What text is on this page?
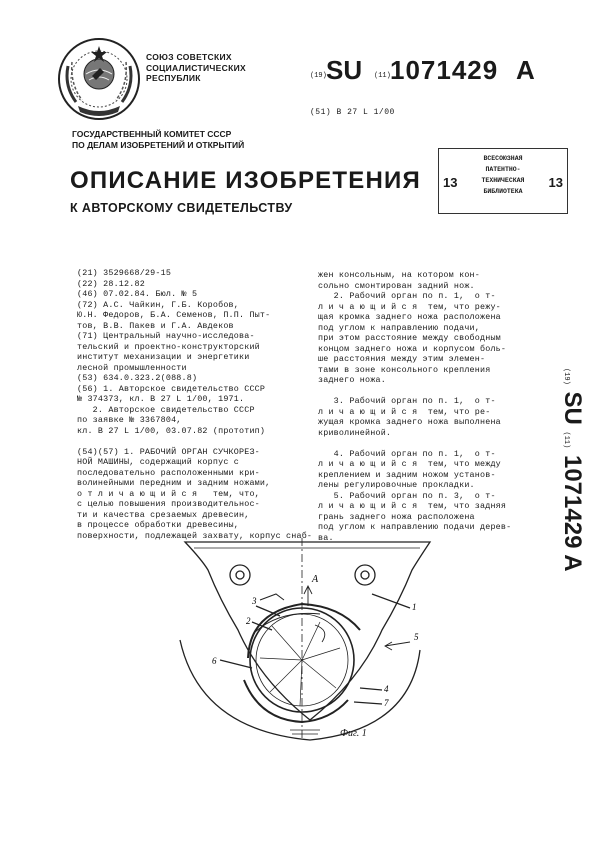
СОЮЗ СОВЕТСКИХ
СОЦИАЛИСТИЧЕСКИХ
РЕСПУБЛИК	(19) SU (11) 1071429 A
(51) В 27 L 1/00
ГОСУДАРСТВЕННЫЙ КОМИТЕТ СССР
ПО ДЕЛАМ ИЗОБРЕТЕНИЙ И ОТКРЫТИЙ
13	13
ВСЕСОЮЗНАЯ
ПАТЕНТНО-
ТЕХНИЧЕСКАЯ
БИБЛИОТЕКА
ОПИСАНИЕ ИЗОБРЕТЕНИЯ
К АВТОРСКОМУ СВИДЕТЕЛЬСТВУ
(21) 3529668/29-15
(22) 28.12.82
(46) 07.02.84. Бюл. № 5
(72) А.С. Чайкин, Г.Б. Коробов,
Ю.Н. Федоров, Б.А. Семенов, П.П. Пыт-
тов, В.В. Пакев и Г.А. Авдеков
(71) Центральный научно-исследова-
тельский и проектно-конструкторский
институт механизации и энергетики
лесной промышленности
(53) 634.0.323.2(088.8)
(56) 1. Авторское свидетельство СССР
№ 374373, кл. В 27 L 1/00, 1971.
2. Авторское свидетельство СССР
по заявке № 3367804,
кл. В 27 L 1/00, 03.07.82 (прототип)

(54)(57) 1. РАБОЧИЙ ОРГАН СУЧКОРЕЗ-
НОЙ МАШИНЫ, содержащий корпус с
последовательно расположенными кри-
волинейными передним и задним ножами,
о т л и ч а ю щ и й с я   тем, что,
с целью повышения производительнос-
ти и качества срезаемых древесин,
в процессе обработки древесины,
поверхности, подлежащей захвату, корпус снаб-
жен консольным, на котором кон-
сольно смонтирован задний нож.
2. Рабочий орган по п. 1,  о т-
л и ч а ю щ и й с я  тем, что режу-
щая кромка заднего ножа расположена
под углом к направлению подачи,
при этом расстояние между свободным
концом заднего ножа и корпусом боль-
ше расстояния между этим элемен-
тами в зоне консольного крепления
заднего ножа.

3. Рабочий орган по п. 1,  о т-
л и ч а ю щ и й с я  тем, что ре-
жущая кромка заднего ножа выполнена
криволинейной.

4. Рабочий орган по п. 1,  о т-
л и ч а ю щ и й с я  тем, что между
креплением и задним ножом установ-
лены регулировочные прокладки.
5. Рабочий орган по п. 3,  о т-
л и ч а ю щ и й с я  тем, что задняя
грань заднего ножа расположена
под углом к направлению подачи дерев-
ва.
(19) SU (11) 1071429 A
А
1
3
2
5
6
4
7
Фиг. 1
